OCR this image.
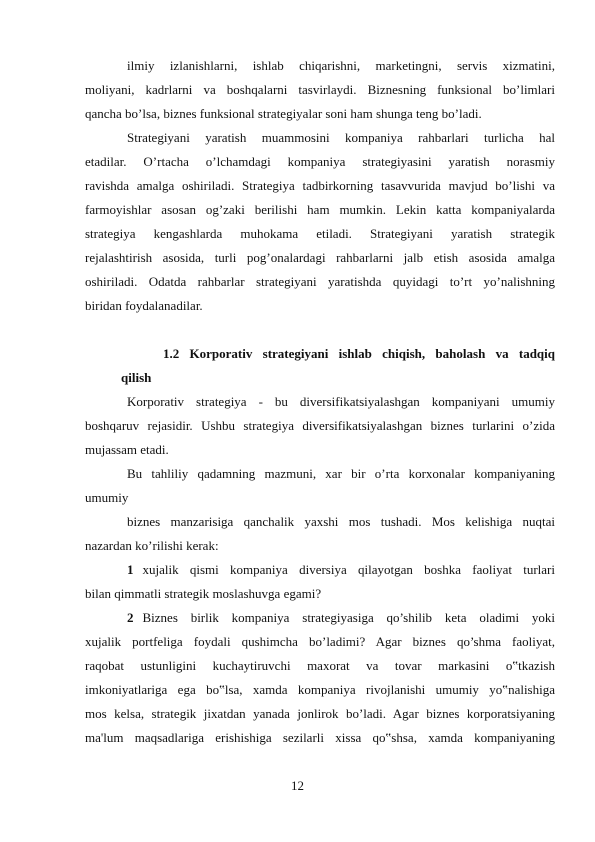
ilmiy izlanishlarni, ishlab chiqarishni, marketingni, servis xizmatini,
moliyani, kadrlarni va boshqalarni tasvirlaydi. Biznesning funksional bo’limlari
qancha bo’lsa, biznes funksional strategiyalar soni ham shunga teng bo’ladi.
Strategiyani yaratish muammosini kompaniya rahbarlari turlicha hal
etadilar. O’rtacha o’lchamdagi kompaniya strategiyasini yaratish norasmiy
ravishda amalga oshiriladi. Strategiya tadbirkorning tasavvurida mavjud bo’lishi va
farmoyishlar asosan og’zaki berilishi ham mumkin. Lekin katta kompaniyalarda
strategiya kengashlarda muhokama etiladi. Strategiyani yaratish strategik
rejalashtirish asosida, turli pog’onalardagi rahbarlarni jalb etish asosida amalga
oshiriladi. Odatda rahbarlar strategiyani yaratishda quyidagi to’rt yo’nalishning
biridan foydalanadilar.
1.2 Korporativ strategiyani ishlab chiqish, baholash va tadqiq
qilish
Korporativ strategiya - bu diversifikatsiyalashgan kompaniyani umumiy
boshqaruv rejasidir. Ushbu strategiya diversifikatsiyalashgan biznes turlarini o’zida
mujassam etadi.
Bu tahliliy qadamning mazmuni, xar bir o’rta korxonalar kompaniyaning
umumiy
biznes manzarisiga qanchalik yaxshi mos tushadi. Mos kelishiga nuqtai
nazardan ko’rilishi kerak:
1 xujalik qismi kompaniya diversiya qilayotgan boshka faoliyat turlari
bilan qimmatli strategik moslashuvga egami?
2 Biznes birlik kompaniya strategiyasiga qo’shilib keta oladimi yoki
xujalik portfeliga foydali qushimcha bo’ladimi? Agar biznes qo’shma faoliyat,
raqobat ustunligini kuchaytiruvchi maxorat va tovar markasini o‟tkazish
imkoniyatlariga ega bo‟lsa, xamda kompaniya rivojlanishi umumiy yo‟nalishiga
mos kelsa, strategik jixatdan yanada jonlirok bo’ladi. Agar biznes korporatsiyaning
ma'lum maqsadlariga erishishiga sezilarli xissa qo‟shsa, xamda kompaniyaning
12
